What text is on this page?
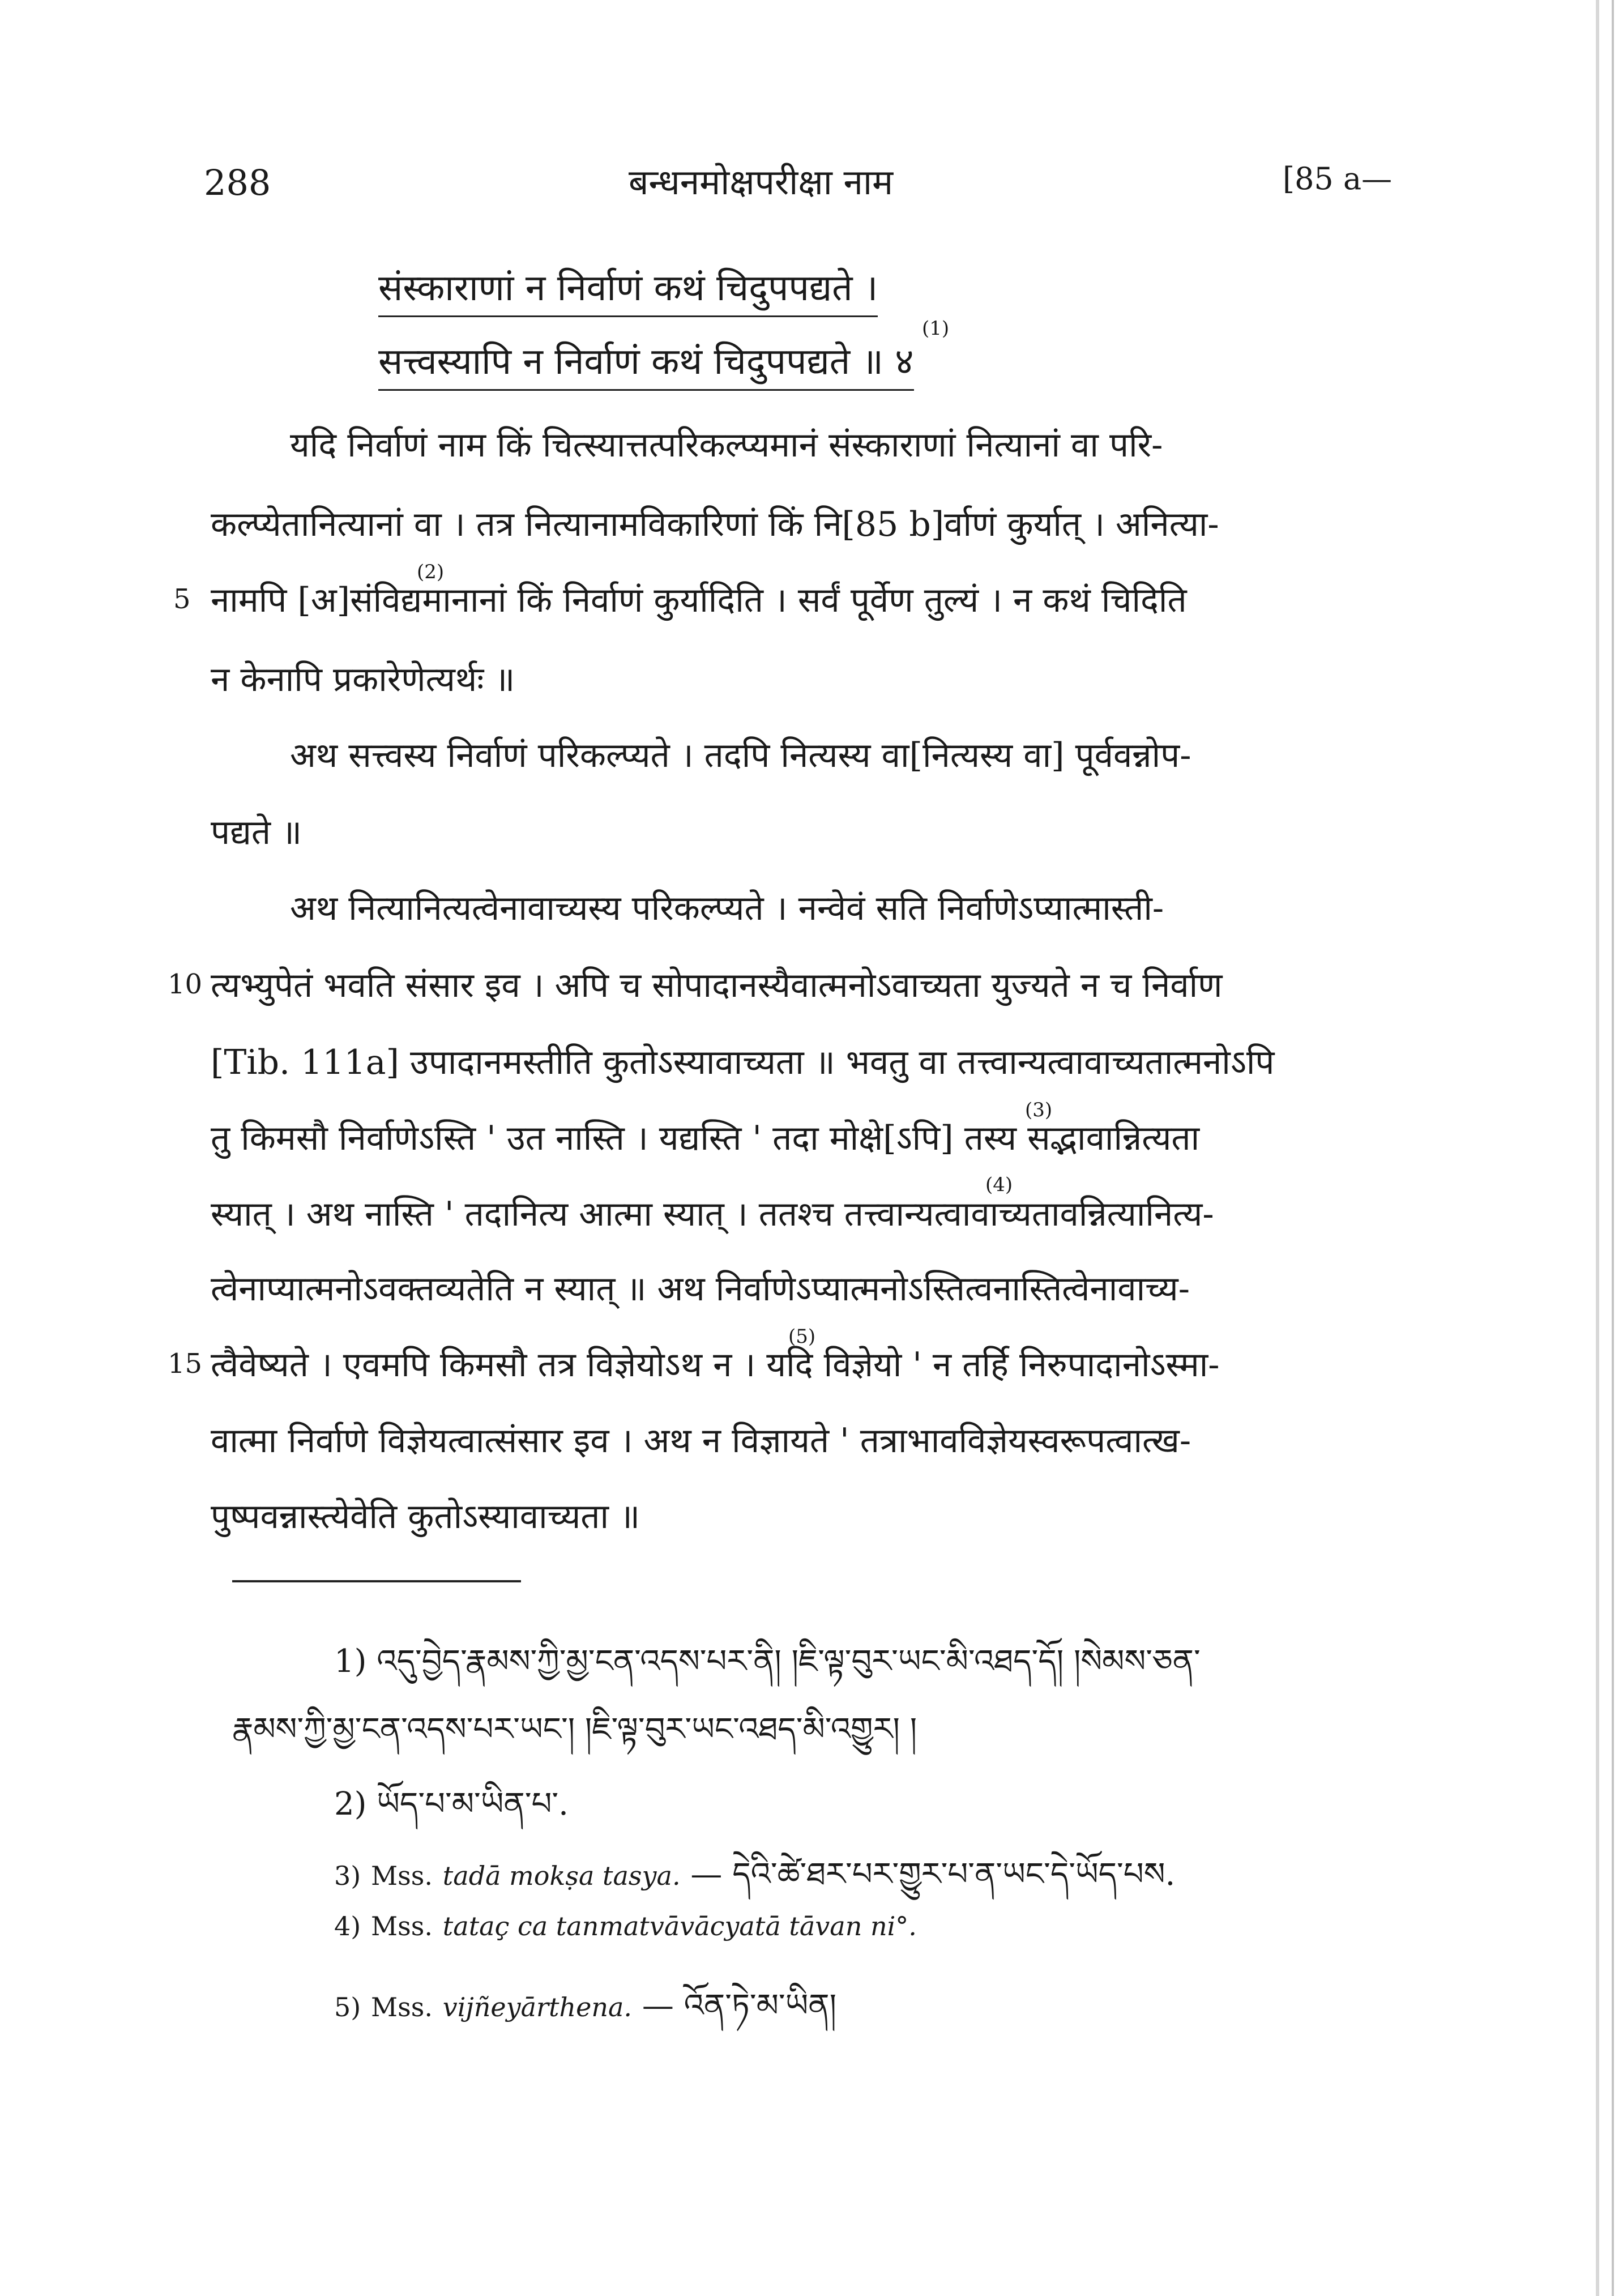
288	बन्धनमोक्षपरीक्षा नाम	[85 a—
संस्काराणां न निर्वाणं कथं चिदुपपद्यते ।
सत्त्वस्यापि न निर्वाणं कथं चिदुपपद्यते ॥ ४
(1)
यदि निर्वाणं नाम किं चित्स्यात्तत्परिकल्प्यमानं संस्काराणां नित्यानां वा परि-
कल्प्येतानित्यानां वा । तत्र नित्यानामविकारिणां किं नि[85 b]र्वाणं कुर्यात् । अनित्या-
5 नामपि [अ]संविद्यमानानां किं निर्वाणं कुर्यादिति । सर्वं पूर्वेण तुल्यं । न कथं चिदिति
(2)
न केनापि प्रकारेणेत्यर्थः ॥
अथ सत्त्वस्य निर्वाणं परिकल्प्यते । तदपि नित्यस्य वा[नित्यस्य वा] पूर्ववन्नोप-
पद्यते ॥
अथ नित्यानित्यत्वेनावाच्यस्य परिकल्प्यते । नन्वेवं सति निर्वाणेऽप्यात्मास्ती-
10 त्यभ्युपेतं भवति संसार इव । अपि च सोपादानस्यैवात्मनोऽवाच्यता युज्यते न च निर्वाण
[Tib. 111a] उपादानमस्तीति कुतोऽस्यावाच्यता ॥ भवतु वा तत्त्वान्यत्वावाच्यतात्मनोऽपि
तु किमसौ निर्वाणेऽस्ति ' उत नास्ति । यद्यस्ति ' तदा मोक्षे[ऽपि] तस्य सद्भावान्नित्यता
(3)
स्यात् । अथ नास्ति ' तदानित्य आत्मा स्यात् । ततश्च तत्त्वान्यत्वावाच्यतावन्नित्यानित्य-
(4)
त्वेनाप्यात्मनोऽवक्तव्यतेति न स्यात् ॥ अथ निर्वाणेऽप्यात्मनोऽस्तित्वनास्तित्वेनावाच्य-
15 त्वैवेष्यते । एवमपि किमसौ तत्र विज्ञेयोऽथ न । यदि विज्ञेयो ' न तर्हि निरुपादानोऽस्मा-
(5)
वात्मा निर्वाणे विज्ञेयत्वात्संसार इव । अथ न विज्ञायते ' तत्राभावविज्ञेयस्वरूपत्वात्ख-
पुष्पवन्नास्त्येवेति कुतोऽस्यावाच्यता ॥
1) འདུ་བྱེད་རྣམས་ཀྱི་མྱ་ངན་འདས་པར་ནི། །ཇི་ལྟ་བུར་ཡང་མི་འཐད་དོ། །སེམས་ཅན་
རྣམས་ཀྱི་མྱ་ངན་འདས་པར་ཡང་། །ཇི་ལྟ་བུར་ཡང་འཐད་མི་འགྱུར། །
2) ཡོད་པ་མ་ཡིན་པ་.
3) Mss. tadā mokṣa tasya. — དེའི་ཚེ་ཐར་པར་གྱུར་པ་ན་ཡང་དེ་ཡོད་པས.
4) Mss. tataç ca tanmatvāvācyatā tāvan ni°.
5) Mss. vijñeyārthena. — འོན་ཏེ་མ་ཡིན།
